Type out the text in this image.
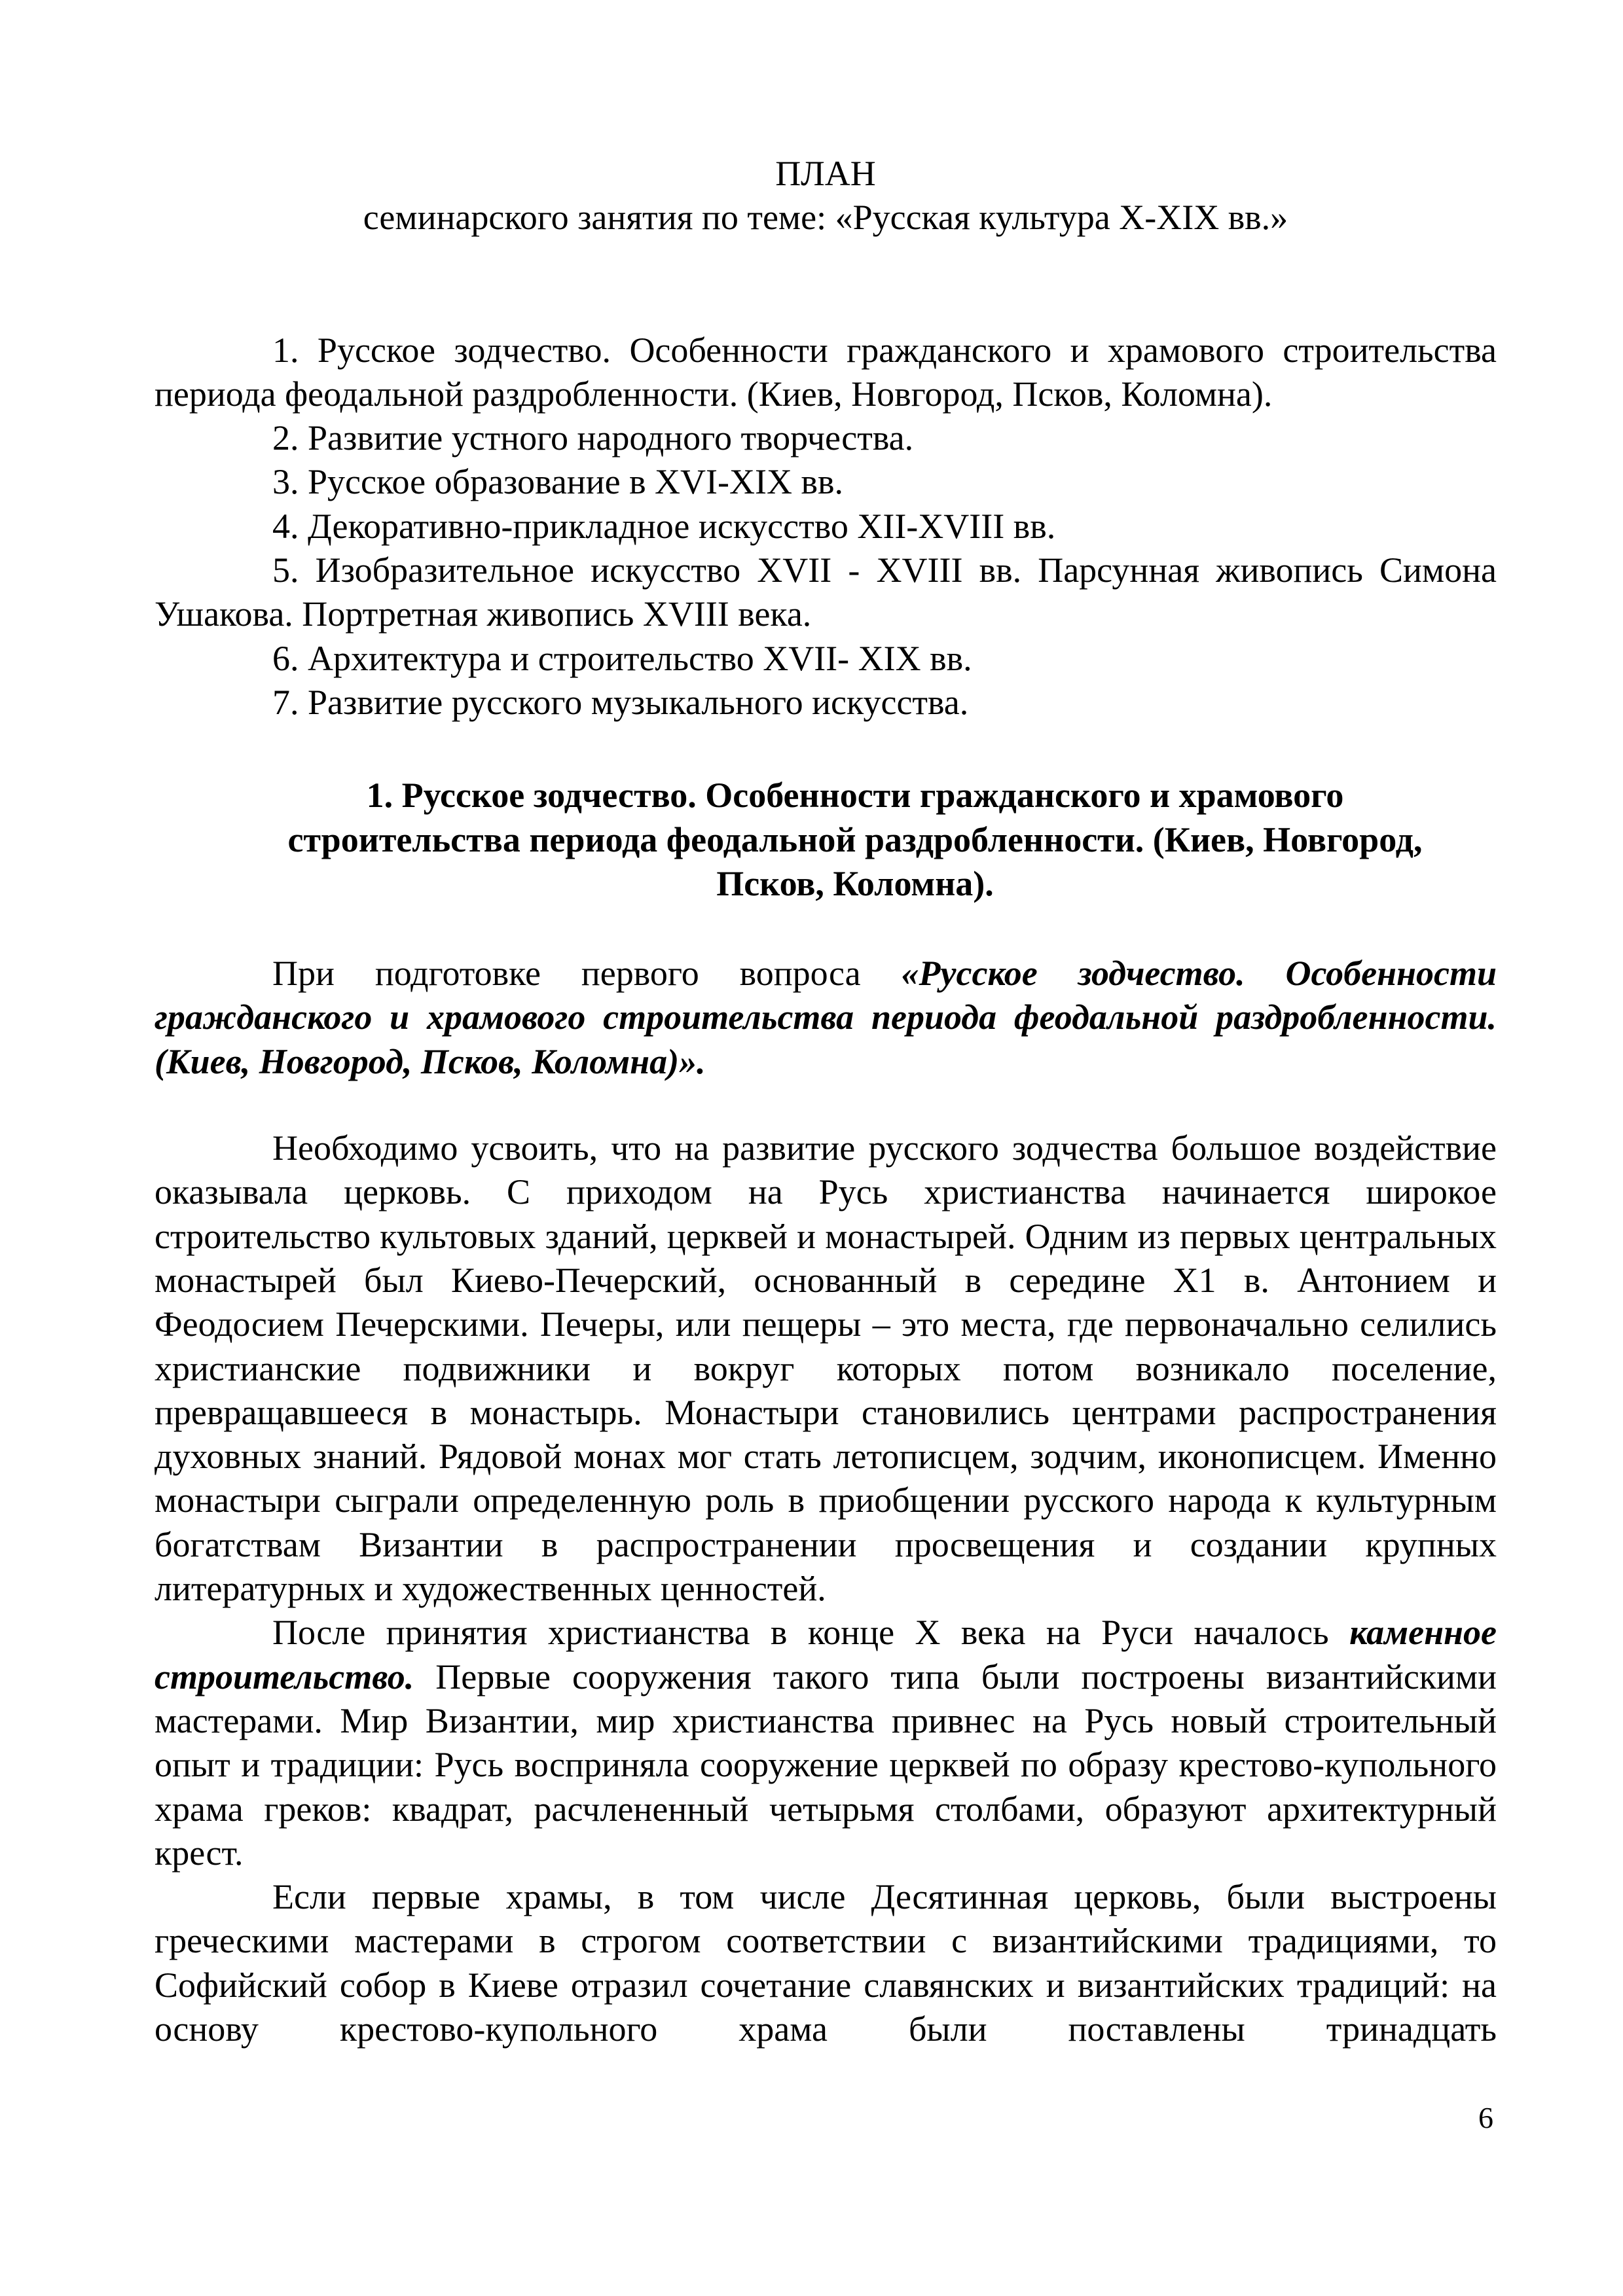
ПЛАН

семинарского занятия по теме: «Русская культура X-XIX вв.»

1. Русское зодчество. Особенности гражданского и храмового строительства периода феодальной раздробленности. (Киев, Новгород, Псков, Коломна).

2. Развитие устного народного творчества.

3. Русское образование в XVI-XIX вв.

4. Декоративно-прикладное искусство XII-XVIII вв.

5. Изобразительное искусство XVII - XVIII вв. Парсунная живопись Симона Ушакова. Портретная живопись XVIII века.

6. Архитектура и строительство XVII- XIX вв.

7. Развитие русского музыкального искусства.

1. Русское зодчество. Особенности гражданского и храмового
строительства периода феодальной раздробленности. (Киев, Новгород,
Псков, Коломна).

При подготовке первого вопроса «Русское зодчество. Особенности гражданского и храмового строительства периода феодальной раздробленности. (Киев, Новгород, Псков, Коломна)».

Необходимо усвоить, что на развитие русского зодчества большое воздействие оказывала церковь. С приходом на Русь христианства начинается широкое строительство культовых зданий, церквей и монастырей. Одним из первых центральных монастырей был Киево-Печерский, основанный в середине X1 в. Антонием и Феодосием Печерскими. Печеры, или пещеры – это места, где первоначально селились христианские подвижники и вокруг которых потом возникало поселение, превращавшееся в монастырь. Монастыри становились центрами распространения духовных знаний. Рядовой монах мог стать летописцем, зодчим, иконописцем. Именно монастыри сыграли определенную роль в приобщении русского народа к культурным богатствам Византии в распространении просвещения и создании крупных литературных и художественных ценностей.

После принятия христианства в конце X века на Руси началось каменное строительство. Первые сооружения такого типа были построены византийскими мастерами. Мир Византии, мир христианства привнес на Русь новый строительный опыт и традиции: Русь восприняла сооружение церквей по образу крестово-купольного храма греков: квадрат, расчлененный четырьмя столбами, образуют архитектурный крест.

Если первые храмы, в том числе Десятинная церковь, были выстроены греческими мастерами в строгом соответствии с византийскими традициями, то Софийский собор в Киеве отразил сочетание славянских и византийских традиций: на основу крестово-купольного храма были поставлены тринадцать

6
